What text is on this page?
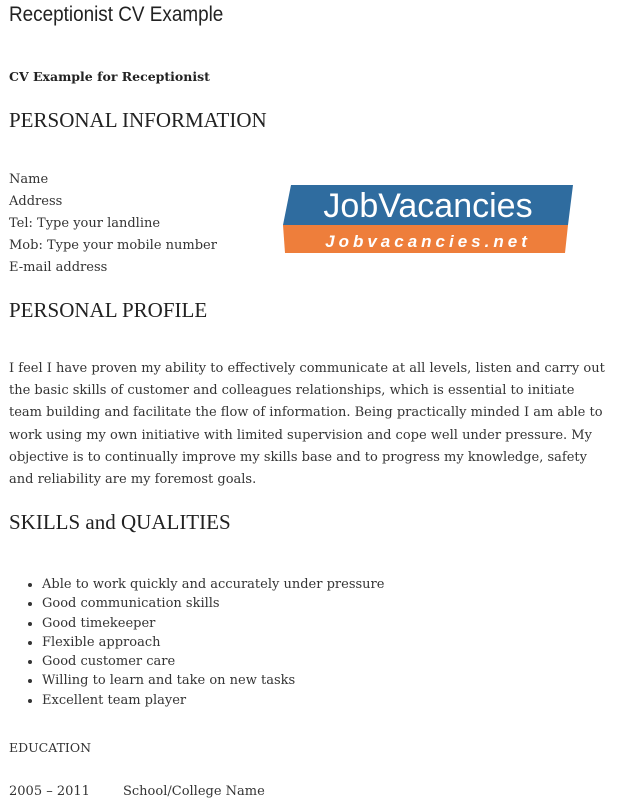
Receptionist CV Example
CV Example for Receptionist
PERSONAL INFORMATION
Name
Address
Tel: Type your landline
Mob: Type your mobile number
E-mail address
JobVacancies
Jobvacancies.net
PERSONAL PROFILE

I feel I have proven my ability to effectively communicate at all levels, listen and carry out the basic skills of customer and colleagues relationships, which is essential to initiate team building and facilitate the flow of information. Being practically minded I am able to work using my own initiative with limited supervision and cope well under pressure. My objective is to continually improve my skills base and to progress my knowledge, safety and reliability are my foremost goals.

SKILLS and QUALITIES
• Able to work quickly and accurately under pressure
• Good communication skills
• Good timekeeper
• Flexible approach
• Good customer care
• Willing to learn and take on new tasks
• Excellent team player
EDUCATION
2005 – 2011	School/College Name
